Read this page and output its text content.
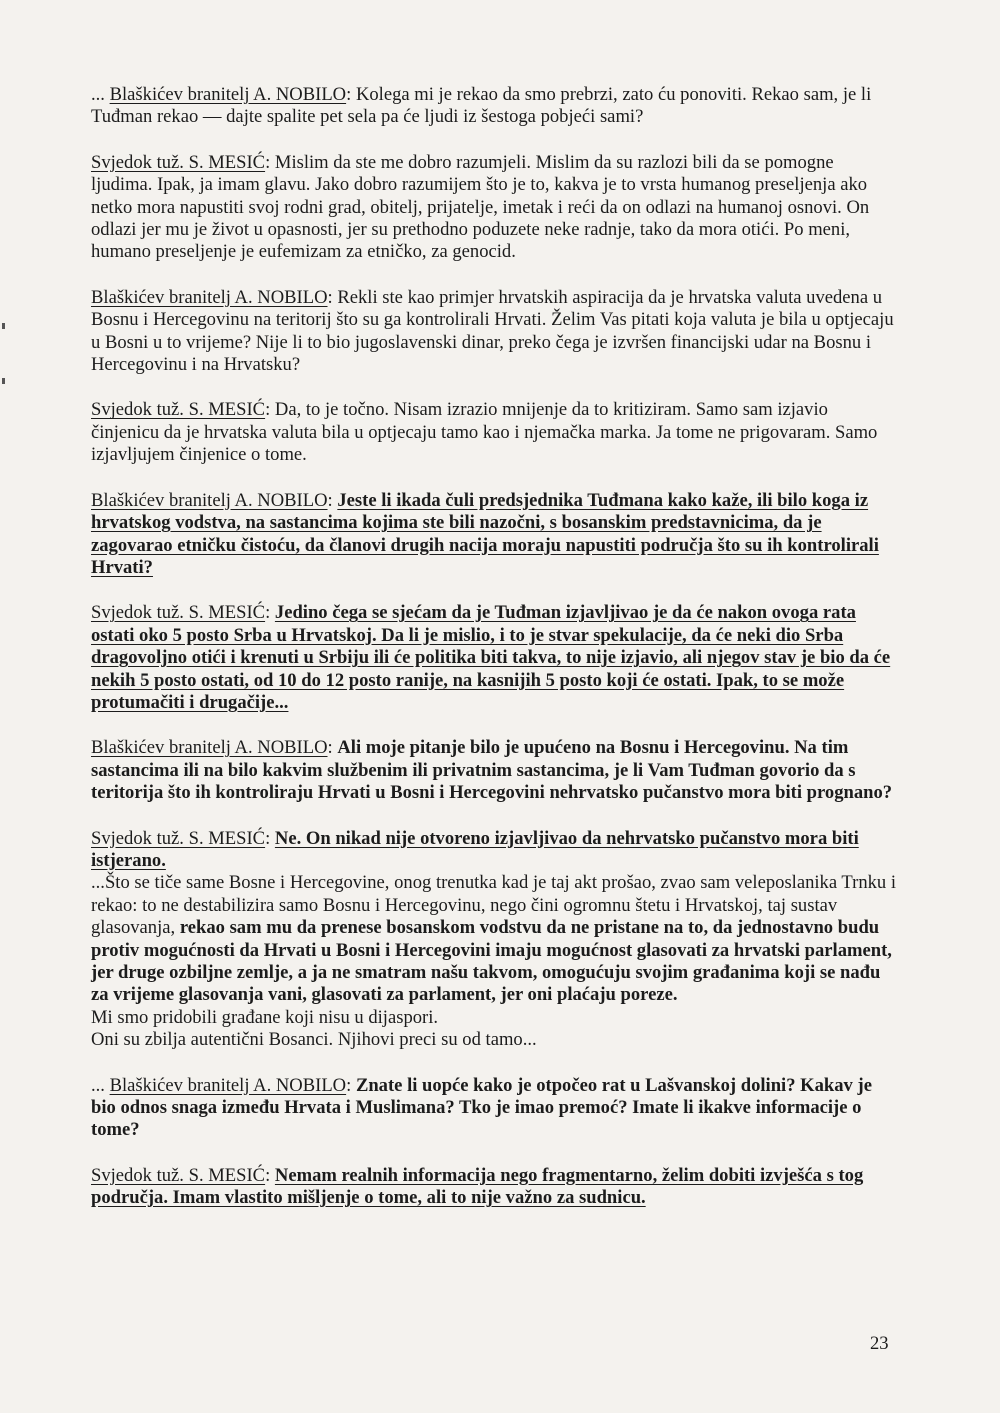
... Blaškićev branitelj A. NOBILO: Kolega mi je rekao da smo prebrzi, zato ću ponoviti. Rekao sam, je li Tuđman rekao — dajte spalite pet sela pa će ljudi iz šestoga pobjeći sami?

Svjedok tuž. S. MESIĆ: Mislim da ste me dobro razumjeli. Mislim da su razlozi bili da se pomogne ljudima. Ipak, ja imam glavu. Jako dobro razumijem što je to, kakva je to vrsta humanog preseljenja ako netko mora napustiti svoj rodni grad, obitelj, prijatelje, imetak i reći da on odlazi na humanoj osnovi. On odlazi jer mu je život u opasnosti, jer su prethodno poduzete neke radnje, tako da mora otići. Po meni, humano preseljenje je eufemizam za etničko, za genocid.

Blaškićev branitelj A. NOBILO: Rekli ste kao primjer hrvatskih aspiracija da je hrvatska valuta uvedena u Bosnu i Hercegovinu na teritorij što su ga kontrolirali Hrvati. Želim Vas pitati koja valuta je bila u optjecaju u Bosni u to vrijeme? Nije li to bio jugoslavenski dinar, preko čega je izvršen financijski udar na Bosnu i Hercegovinu i na Hrvatsku?

Svjedok tuž. S. MESIĆ: Da, to je točno. Nisam izrazio mnijenje da to kritiziram. Samo sam izjavio činjenicu da je hrvatska valuta bila u optjecaju tamo kao i njemačka marka. Ja tome ne prigovaram. Samo izjavljujem činjenice o tome.

Blaškićev branitelj A. NOBILO: Jeste li ikada čuli predsjednika Tuđmana kako kaže, ili bilo koga iz hrvatskog vodstva, na sastancima kojima ste bili nazočni, s bosanskim predstavnicima, da je zagovarao etničku čistoću, da članovi drugih nacija moraju napustiti područja što su ih kontrolirali Hrvati?

Svjedok tuž. S. MESIĆ: Jedino čega se sjećam da je Tuđman izjavljivao je da će nakon ovoga rata ostati oko 5 posto Srba u Hrvatskoj. Da li je mislio, i to je stvar spekulacije, da će neki dio Srba dragovoljno otići i krenuti u Srbiju ili će politika biti takva, to nije izjavio, ali njegov stav je bio da će nekih 5 posto ostati, od 10 do 12 posto ranije, na kasnijih 5 posto koji će ostati. Ipak, to se može protumačiti i drugačije...

Blaškićev branitelj A. NOBILO: Ali moje pitanje bilo je upućeno na Bosnu i Hercegovinu. Na tim sastancima ili na bilo kakvim službenim ili privatnim sastancima, je li Vam Tuđman govorio da s teritorija što ih kontroliraju Hrvati u Bosni i Hercegovini nehrvatsko pučanstvo mora biti prognano?

Svjedok tuž. S. MESIĆ: Ne. On nikad nije otvoreno izjavljivao da nehrvatsko pučanstvo mora biti istjerano.
...Što se tiče same Bosne i Hercegovine, onog trenutka kad je taj akt prošao, zvao sam veleposlanika Trnku i rekao: to ne destabilizira samo Bosnu i Hercegovinu, nego čini ogromnu štetu i Hrvatskoj, taj sustav glasovanja, rekao sam mu da prenese bosanskom vodstvu da ne pristane na to, da jednostavno budu protiv mogućnosti da Hrvati u Bosni i Hercegovini imaju mogućnost glasovati za hrvatski parlament, jer druge ozbiljne zemlje, a ja ne smatram našu takvom, omogućuju svojim građanima koji se nađu za vrijeme glasovanja vani, glasovati za parlament, jer oni plaćaju poreze.
Mi smo pridobili građane koji nisu u dijaspori.
Oni su zbilja autentični Bosanci. Njihovi preci su od tamo...

... Blaškićev branitelj A. NOBILO: Znate li uopće kako je otpočeo rat u Lašvanskoj dolini? Kakav je bio odnos snaga između Hrvata i Muslimana? Tko je imao premoć? Imate li ikakve informacije o tome?

Svjedok tuž. S. MESIĆ: Nemam realnih informacija nego fragmentarno, želim dobiti izvješća s tog područja. Imam vlastito mišljenje o tome, ali to nije važno za sudnicu.

23
